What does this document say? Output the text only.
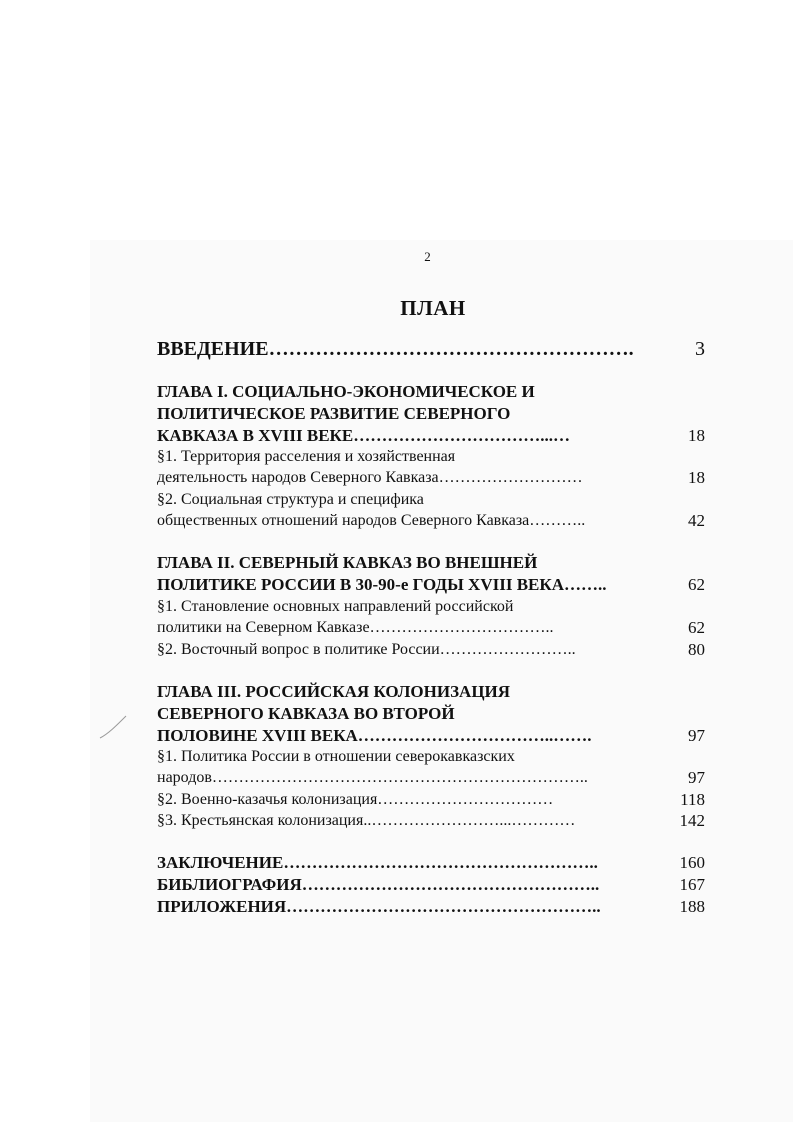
2
ПЛАН
ВВЕДЕНИЕ……………………………………………….	3
ГЛАВА I. СОЦИАЛЬНО-ЭКОНОМИЧЕСКОЕ И
ПОЛИТИЧЕСКОЕ РАЗВИТИЕ СЕВЕРНОГО
КАВКАЗА В XVIII ВЕКЕ……………………………...…	18
§1. Территория расселения и хозяйственная
деятельность народов Северного Кавказа………………………	18
§2. Социальная структура и специфика
общественных отношений народов Северного Кавказа………..	42
ГЛАВА II. СЕВЕРНЫЙ КАВКАЗ ВО ВНЕШНЕЙ
ПОЛИТИКЕ РОССИИ В 30-90-е ГОДЫ XVIII ВЕКА……..	62
§1. Становление основных направлений российской
политики на Северном Кавказе……………………………..	62
§2. Восточный вопрос в политике России……………………..	80
ГЛАВА III. РОССИЙСКАЯ КОЛОНИЗАЦИЯ
СЕВЕРНОГО КАВКАЗА ВО ВТОРОЙ
ПОЛОВИНЕ XVIII ВЕКА……………………………..…….	97
§1. Политика России в отношении северокавказских
народов……………………………………………………………..	97
§2. Военно-казачья колонизация……………………………	118
§3. Крестьянская колонизация..……………………...…………	142
ЗАКЛЮЧЕНИЕ………………………………………………..	160
БИБЛИОГРАФИЯ……………………………………………..	167
ПРИЛОЖЕНИЯ………………………………………………..	188
